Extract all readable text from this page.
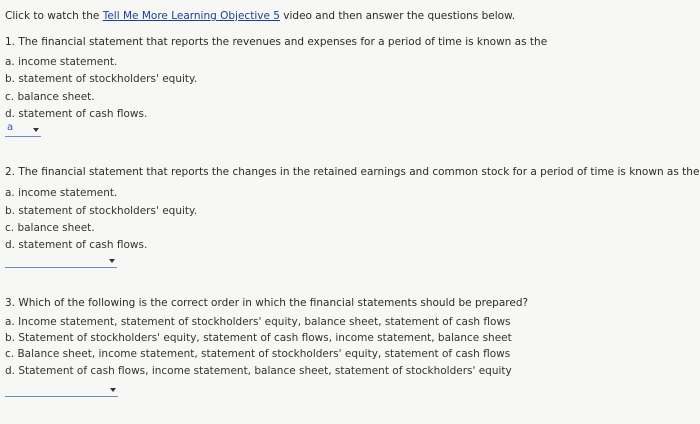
Click to watch the Tell Me More Learning Objective 5 video and then answer the questions below.
1. The financial statement that reports the revenues and expenses for a period of time is known as the
a. income statement.
b. statement of stockholders' equity.
c. balance sheet.
d. statement of cash flows.
a
2. The financial statement that reports the changes in the retained earnings and common stock for a period of time is known as the
a. income statement.
b. statement of stockholders' equity.
c. balance sheet.
d. statement of cash flows.
3. Which of the following is the correct order in which the financial statements should be prepared?
a. Income statement, statement of stockholders' equity, balance sheet, statement of cash flows
b. Statement of stockholders' equity, statement of cash flows, income statement, balance sheet
c. Balance sheet, income statement, statement of stockholders' equity, statement of cash flows
d. Statement of cash flows, income statement, balance sheet, statement of stockholders' equity
